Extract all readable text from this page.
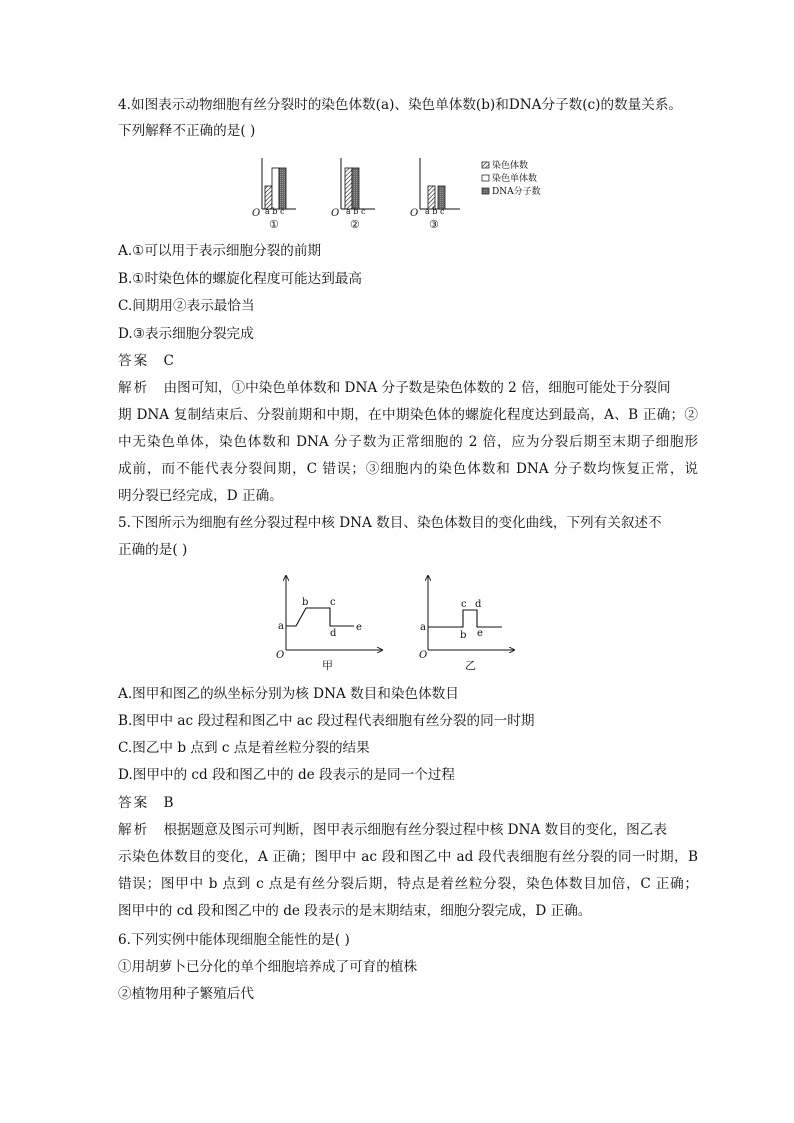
4.如图表示动物细胞有丝分裂时的染色体数(a)、染色单体数(b)和DNA分子数(c)的数量关系。
下列解释不正确的是( )
O a b c
①
O a b c
②
O a b c
③
染色体数
染色单体数
DNA分子数
A.①可以用于表示细胞分裂的前期
B.①时染色体的螺旋化程度可能达到最高
C.间期用②表示最恰当
D.③表示细胞分裂完成
答案 C
解析 由图可知，①中染色单体数和 DNA 分子数是染色体数的 2 倍，细胞可能处于分裂间
期 DNA 复制结束后、分裂前期和中期，在中期染色体的螺旋化程度达到最高，A、B 正确；②
中无染色单体，染色体数和 DNA 分子数为正常细胞的 2 倍，应为分裂后期至末期子细胞形
成前，而不能代表分裂间期，C 错误；③细胞内的染色体数和 DNA 分子数均恢复正常，说
明分裂已经完成，D 正确。
5.下图所示为细胞有丝分裂过程中核 DNA 数目、染色体数目的变化曲线，下列有关叙述不
正确的是( )
O
a
b c
d
e
甲
O
a
b
c d
e
乙
A.图甲和图乙的纵坐标分别为核 DNA 数目和染色体数目
B.图甲中 ac 段过程和图乙中 ac 段过程代表细胞有丝分裂的同一时期
C.图乙中 b 点到 c 点是着丝粒分裂的结果
D.图甲中的 cd 段和图乙中的 de 段表示的是同一个过程
答案 B
解析 根据题意及图示可判断，图甲表示细胞有丝分裂过程中核 DNA 数目的变化，图乙表
示染色体数目的变化，A 正确；图甲中 ac 段和图乙中 ad 段代表细胞有丝分裂的同一时期，B
错误；图甲中 b 点到 c 点是有丝分裂后期，特点是着丝粒分裂，染色体数目加倍，C 正确；
图甲中的 cd 段和图乙中的 de 段表示的是末期结束，细胞分裂完成，D 正确。
6.下列实例中能体现细胞全能性的是( )
①用胡萝卜已分化的单个细胞培养成了可育的植株
②植物用种子繁殖后代
